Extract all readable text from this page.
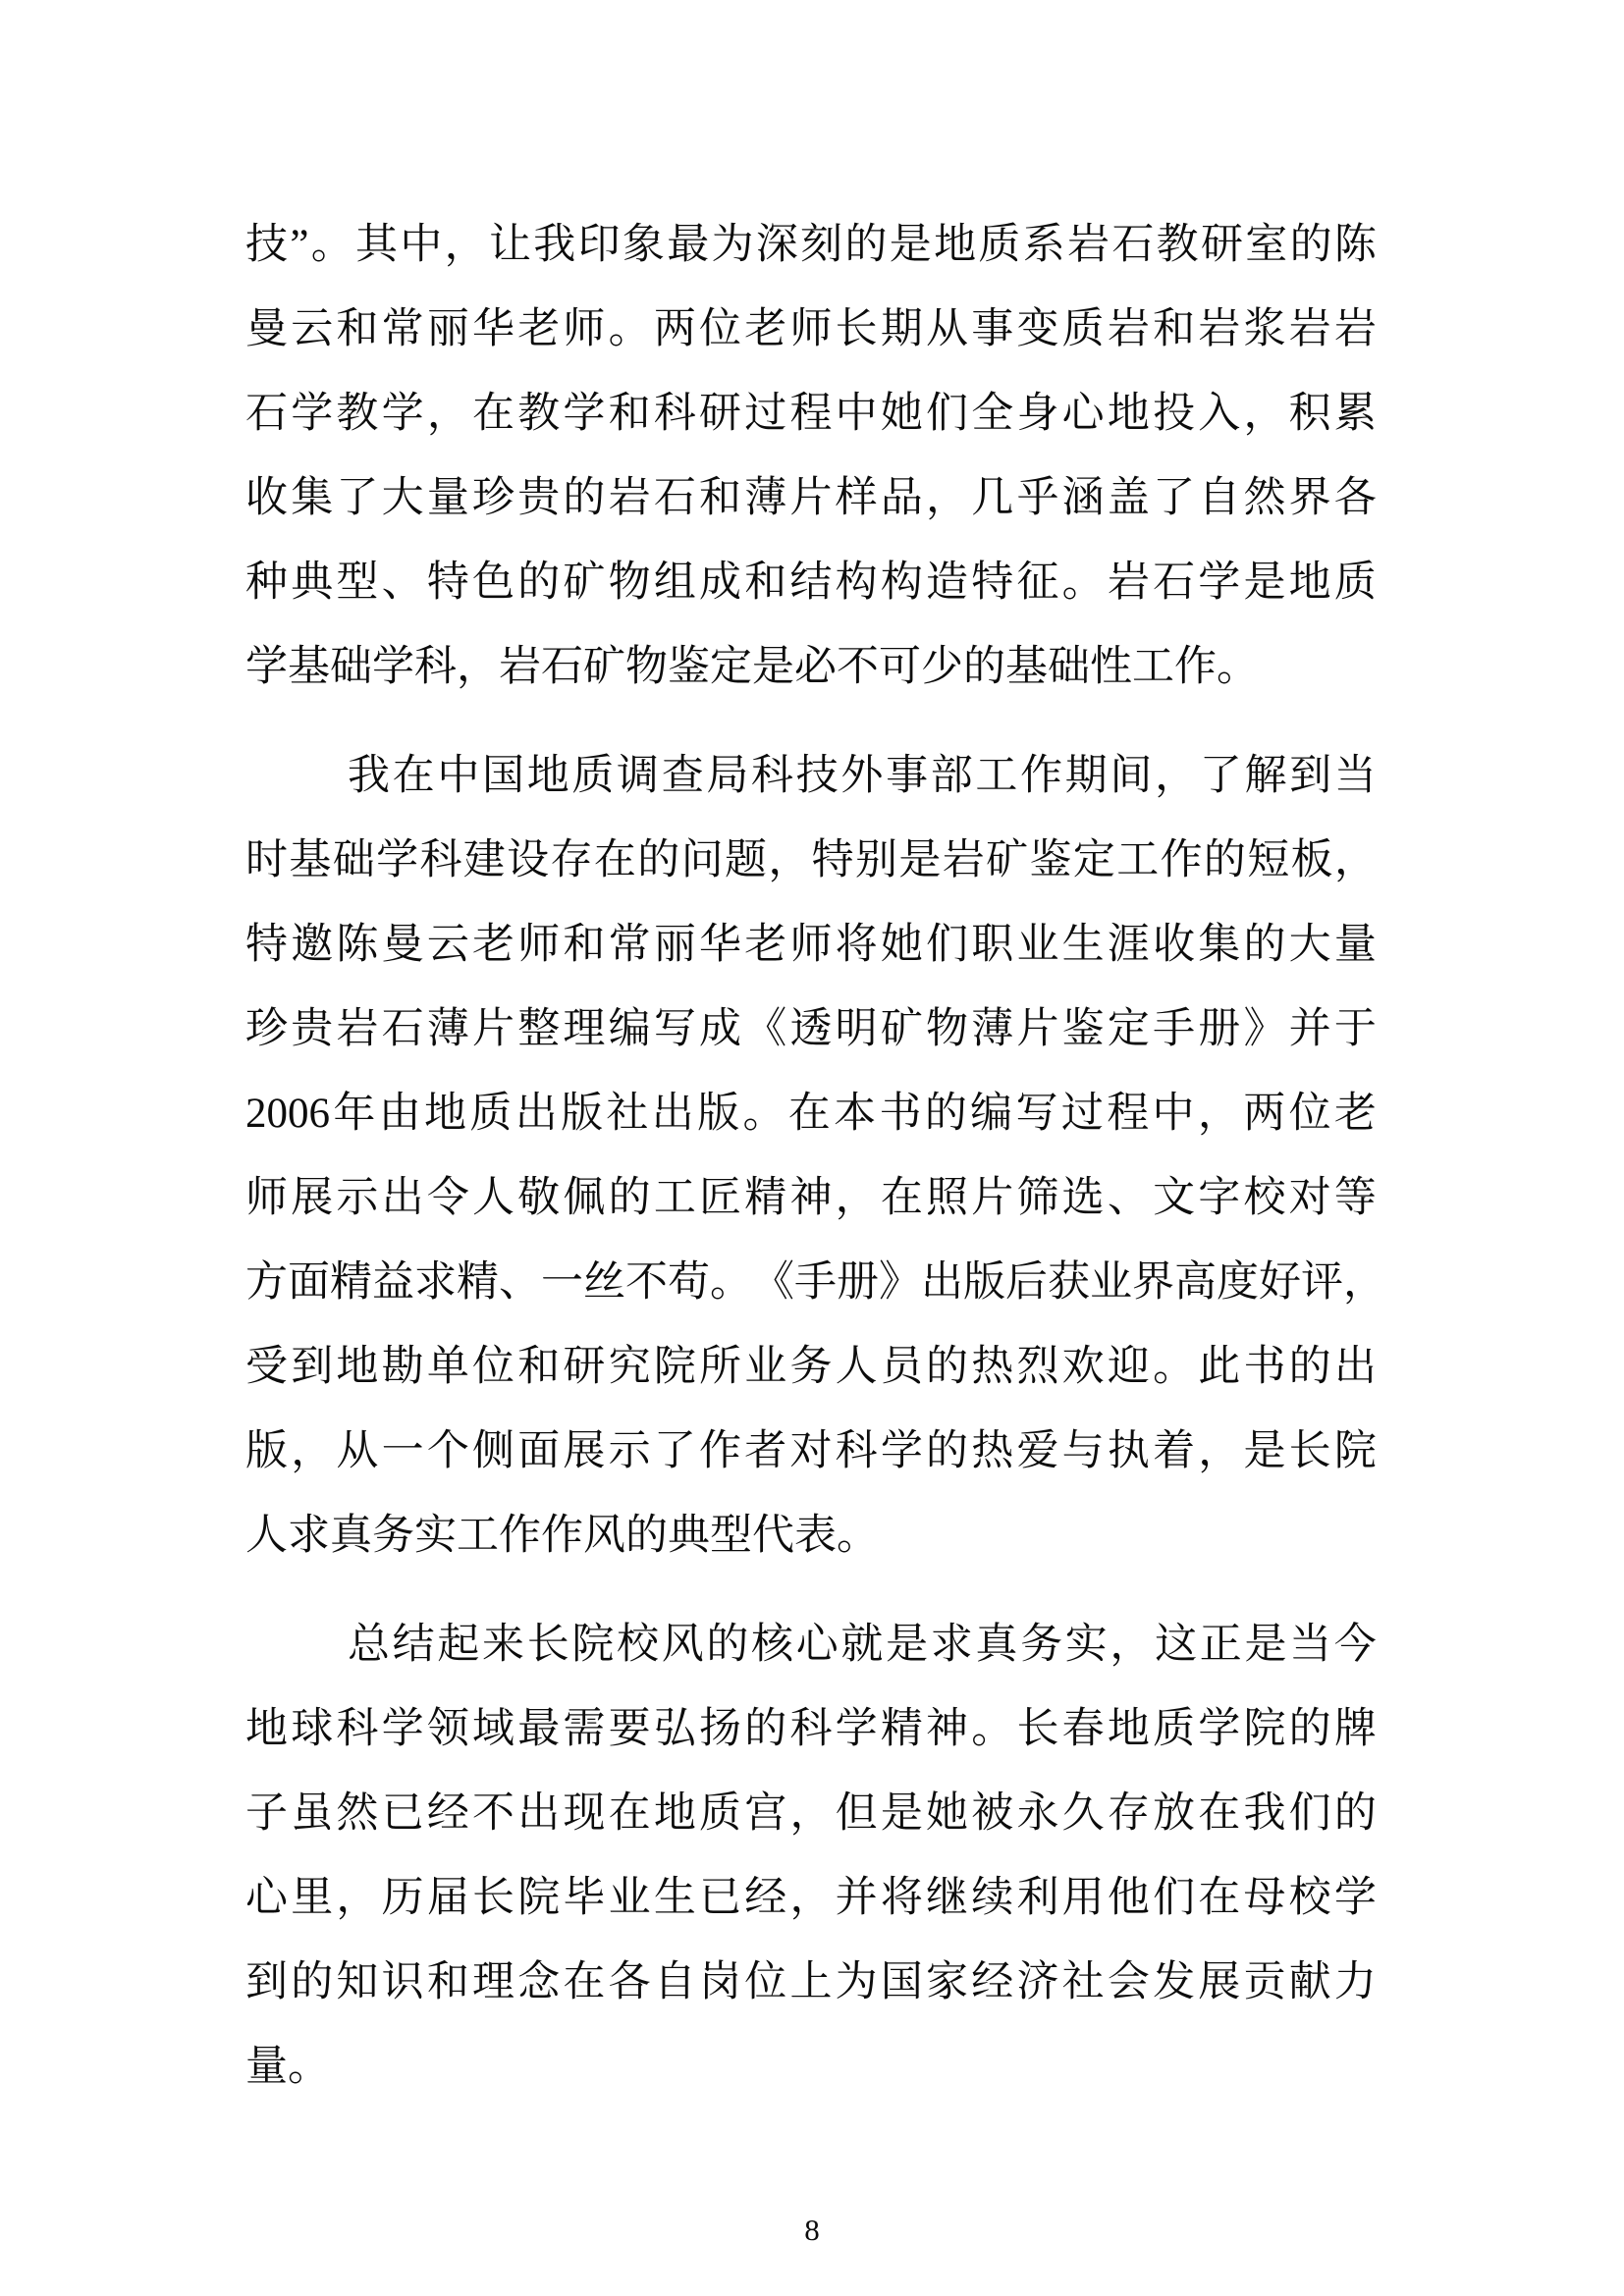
技 ” 。 其 中 ， 让 我 印 象 最 为 深 刻 的 是 地 质 系 岩 石 教 研 室 的 陈
曼 云 和 常 丽 华 老 师 。 两 位 老 师 长 期 从 事 变 质 岩 和 岩 浆 岩 岩
石 学 教 学 ， 在 教 学 和 科 研 过 程 中 她 们 全 身 心 地 投 入 ， 积 累
收 集 了 大 量 珍 贵 的 岩 石 和 薄 片 样 品 ， 几 乎 涵 盖 了 自 然 界 各
种 典 型 、 特 色 的 矿 物 组 成 和 结 构 构 造 特 征 。 岩 石 学 是 地 质
学基础学科，岩石矿物鉴定是必不可少的基础性工作。
我 在 中 国 地 质 调 查 局 科 技 外 事 部 工 作 期 间 ， 了 解 到 当
时 基 础 学 科 建 设 存 在 的 问 题 ， 特 别 是 岩 矿 鉴 定 工 作 的 短 板 ，
特 邀 陈 曼 云 老 师 和 常 丽 华 老 师 将 她 们 职 业 生 涯 收 集 的 大 量
珍 贵 岩 石 薄 片 整 理 编 写 成 《 透 明 矿 物 薄 片 鉴 定 手 册 》 并 于
2006 年 由 地 质 出 版 社 出 版 。 在 本 书 的 编 写 过 程 中 ， 两 位 老
师 展 示 出 令 人 敬 佩 的 工 匠 精 神 ， 在 照 片 筛 选 、 文 字 校 对 等
方 面 精 益 求 精 、 一 丝 不 苟 。 《 手 册 》 出 版 后 获 业 界 高 度 好 评 ，
受 到 地 勘 单 位 和 研 究 院 所 业 务 人 员 的 热 烈 欢 迎 。 此 书 的 出
版 ， 从 一 个 侧 面 展 示 了 作 者 对 科 学 的 热 爱 与 执 着 ， 是 长 院
人求真务实工作作风的典型代表。
总 结 起 来 长 院 校 风 的 核 心 就 是 求 真 务 实 ， 这 正 是 当 今
地 球 科 学 领 域 最 需 要 弘 扬 的 科 学 精 神 。 长 春 地 质 学 院 的 牌
子 虽 然 已 经 不 出 现 在 地 质 宫 ， 但 是 她 被 永 久 存 放 在 我 们 的
心 里 ， 历 届 长 院 毕 业 生 已 经 ， 并 将 继 续 利 用 他 们 在 母 校 学
到 的 知 识 和 理 念 在 各 自 岗 位 上 为 国 家 经 济 社 会 发 展 贡 献 力
量。
8
